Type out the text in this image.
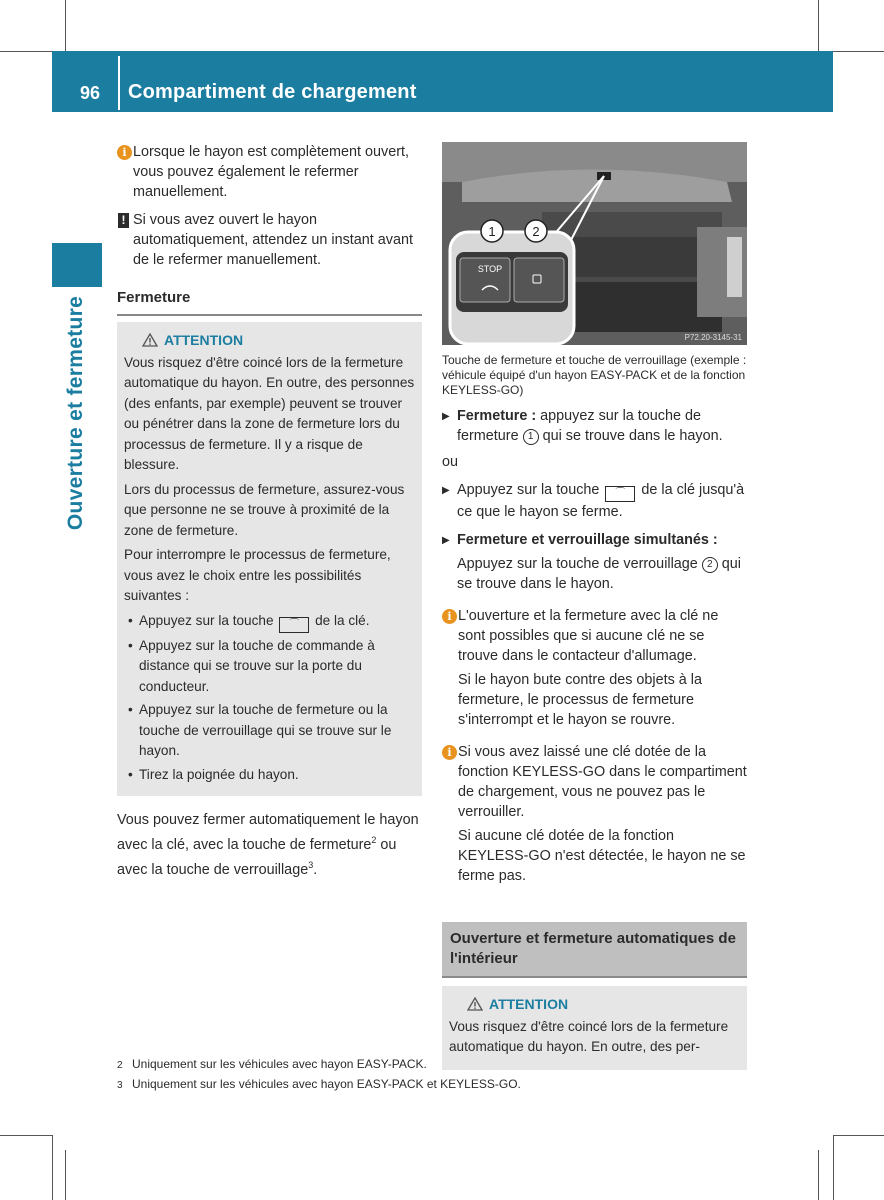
96 Compartiment de chargement
Ouverture et fermeture
i Lorsque le hayon est complètement ouvert, vous pouvez également le refermer manuellement.
! Si vous avez ouvert le hayon automatiquement, attendez un instant avant de le refermer manuellement.
Fermeture
ATTENTION

Vous risquez d'être coincé lors de la fermeture automatique du hayon. En outre, des personnes (des enfants, par exemple) peuvent se trouver ou pénétrer dans la zone de fermeture lors du processus de fermeture. Il y a risque de blessure.

Lors du processus de fermeture, assurez-vous que personne ne se trouve à proximité de la zone de fermeture.

Pour interrompre le processus de fermeture, vous avez le choix entre les possibilités suivantes :

• Appuyez sur la touche ⌒ de la clé.
• Appuyez sur la touche de commande à distance qui se trouve sur la porte du conducteur.
• Appuyez sur la touche de fermeture ou la touche de verrouillage qui se trouve sur le hayon.
• Tirez la poignée du hayon.
Vous pouvez fermer automatiquement le hayon avec la clé, avec la touche de fermeture$^2$ ou avec la touche de verrouillage$^3$.
1	2
STOP
P72.20-3145-31
Touche de fermeture et touche de verrouillage (exemple : véhicule équipé d'un hayon EASY-PACK et de la fonction KEYLESS-GO)
▶ Fermeture : appuyez sur la touche de fermeture 1 qui se trouve dans le hayon.
ou
▶ Appuyez sur la touche ⌒ de la clé jusqu'à ce que le hayon se ferme.
▶ Fermeture et verrouillage simultanés :
Appuyez sur la touche de verrouillage 2 qui se trouve dans le hayon.
i L'ouverture et la fermeture avec la clé ne sont possibles que si aucune clé ne se trouve dans le contacteur d'allumage.
Si le hayon bute contre des objets à la fermeture, le processus de fermeture s'interrompt et le hayon se rouvre.
i Si vous avez laissé une clé dotée de la fonction KEYLESS-GO dans le compartiment de chargement, vous ne pouvez pas le verrouiller.
Si aucune clé dotée de la fonction KEYLESS-GO n'est détectée, le hayon ne se ferme pas.
Ouverture et fermeture automatiques de l'intérieur
ATTENTION

Vous risquez d'être coincé lors de la fermeture automatique du hayon. En outre, des per-

2 Uniquement sur les véhicules avec hayon EASY-PACK.
3 Uniquement sur les véhicules avec hayon EASY-PACK et KEYLESS-GO.
